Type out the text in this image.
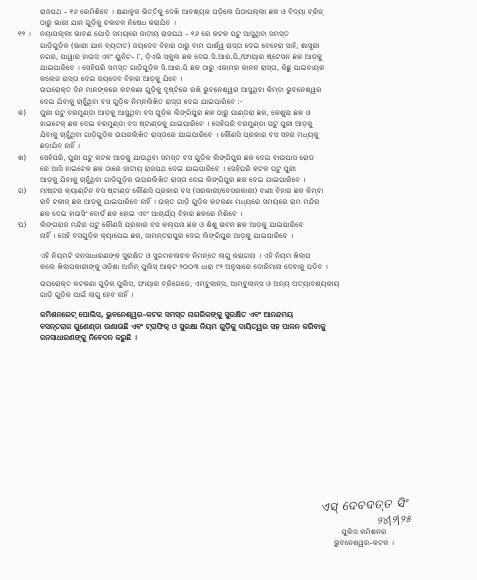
ରାଜପଥ – ୧୬ ରେମିଶିବେ । କ୍ଷଣାଳୁକ ଭିତ୍ତିକୁ ଦେଖି ଆବଶ୍ୟକ ପଡ଼ିଲେ ପିଠାପଲ୍ଲୀ ଛକ ଓ ବିଦ୍ୟା ବ୍ରିଜ୍

ଠାରୁ ଭାରୀ ଯାନ ଗୁଡ଼ିକୁ ଚଳାଚଳ ନିଷେଧ କରାଯିବ ।

୧୨ ।	ନୟାପଲ୍ଲୀ ଭାବଣ ପୋଡ଼ି ସମୟରେ ଜାତୀୟ ରାଜପଥ – ୧୬ ରେ କଟକ ପଟୁ ଆସୁଥିବା ସମସ୍ତ

ଗାଡ଼ିଗୁଡ଼ିକ (ଭାରୀ ଯାନ ବ୍ୟତୀତ) ଜୟଦେବ ବିହାର ଠାରୁ ବାମ ପାର୍ଶ୍ୱ ରାସ୍ତା ଦେଇ ବେହେରା ସାହି, ଶାସ୍ତ୍ରୀ

ନଗର, ପାୱାର ହାଉସ ଏବଂ ୟୁନିଟ– ୮, ଡ଼ିଏଭି ସ୍କୁଲ ଛକ ଦେଇ ସି.ଆର.ପି./ଫାୟାର ଷ୍ଟେସନ ଛକ ଆଡ଼କୁ

ଯାଇପାରିବେ । ସେହିପରି ସମସ୍ତ ଗାଡ଼ିଗୁଡ଼ିକ ସି.ଆର.ପି ଛକ ଠାରୁ ଏକାମ୍ର କାନନ ରାସ୍ତା, କିଛୁ ପାଇବାୟକ

କଲେଜ ରାସ୍ତା ଦେଇ ଜୟଦେବ ବିହାର ଆଡ଼କୁ ଯିବେ ।

ଉପରୋକ୍ତ ଦିନ ମାନଙ୍କରେ କଟକଣା ଗୁଡ଼ିକୁ ଦୃଷ୍ଟିରେ ରଖି ଭୁବନେଶ୍ୱର ଆସୁଥିବା କିମ୍ବା ଭୁବନେଶ୍ୱର

ଦେଇ ଯିବାକୁ ଚାହୁଁଥିବା ବସ ଗୁଡ଼ିକ ନିମ୍ନଲିଖିତ ରାସ୍ତା ଦେଇ ଯାଇପାରିବେ :-

କ)	ପୁରୀ ପଟୁ ବରମୁଣ୍ଡା ଆଡ଼କୁ ଆସୁଥିବା ବସ ଗୁଡ଼ିକ ଲିଙ୍ଗିପୁର ଛକ ଠାରୁ ପାଣ୍ଡରା ଛକ, କେଶୁରା ଛକ ଓ

ହାଇଟେକ୍ ଛକ ଦେଇ ବରମୁଣ୍ଡା ବସ ଷ୍ଟାଣ୍ଡକୁ ଯାଇପାରିବେ । ସେହିପରି ବରମୁଣ୍ଡା ପଟୁ ପୁରୀ ଆଡ଼କୁ

ଯିବାକୁ ଚାହୁଁଥିବା ଗାଡ଼ିଗୁଡ଼ିକ ଉପରଲିଖିତ ରାସ୍ତାରେ ଯାଇପାରିବେ । କୌଣସି ପ୍ରକାର ବସ ସହର ମଧ୍ୟକୁ

ଛଡ଼ାଯିବ ନାହିଁ ।

ଖ)	ସେହିପରି, ପୁରୀ ପଟୁ କଟକ ଆଡ଼କୁ ଯାଉଥିବା ସମସ୍ତ ବସ ଗୁଡ଼ିକ ଲିଙ୍ଗିପୁର ଛକ ଦେଇ ବାଉପାସ ରୋଡ

ରେ ଆସି ହାଇଟେକ ଛକ ଠାରେ ଜାତୀୟ ରାଜପଥ ଦେଇ ଯାଇପାରିବେ । ସେହିପରି କଟକ ପଟୁ ପୁରୀ

ଆଡ଼କୁ ଯିବାକୁ ଚାହୁଁଥିବା ଗାଡ଼ିଗୁଡ଼ିକ ଉପରଲିଖିତ ରାସ୍ତା ଦେଇ ଲିଙ୍ଗିପୁର ଛକ ଦେଇ ଯାଇପାରିବେ ।

ଗ)	ମାଷ୍ଟର କ୍ୟାଣ୍ଟିନ ବସ ଷ୍ଟାଣ୍ଡ କୌଣସି ପ୍ରକାର ବସ (ସରକାରୀ/ବେସରକାରୀ) ବାଣୀ ବିହାର ଛକ କିମ୍ବା

ରବି ଟକୀଜ୍ ଛକ ଆଡ଼କୁ ଯାଇପାରିବେ ନାହିଁ । ଉକ୍ତ ଗାଡ଼ି ଗୁଡ଼ିକ କଟକଣା ମଧ୍ୟରେ ସମୟରେ ରାମ ମନ୍ଦିର

ଛକ ଦେଇ ହାଉସିଂ ବୋର୍ଡ଼ ଛକ ହୋଇ ଏବଂ ଆଚାର୍ଯ୍ୟ ବିହାର ଛକରେ ମିଶିବେ ।

ଘ)	ଲିଙ୍ଗରାଜ ମନ୍ଦିର ପଟୁ କୌଣସି ପ୍ରକାର ବସ କଲ୍ପନା ଛକ ଓ ଶିଶୁ ଭବନ ଛକ ଆଡ଼କୁ ଯାଇପାରିବେ

ନାହିଁ । ସେହି ବସଗୁଡ଼ିକ କ୍ୟାପେଇ ଛକ, ସାମନ୍ତରାପୁର ଦେଇ ଲିଙ୍ଗିପୁର ଆଡ଼କୁ ଯାଇପାରିବେ ।

ଏହି ନିୟମଟି ଜନସାଧାରଣଙ୍କ ସୁରକ୍ଷିତ ଓ ସୁଗମଚଳାଚଳ ନିମନ୍ତେ ଲାଗୁ କରାଗଲା । ଏହି ନିୟମ ଖିଲାପ

କଲେ ଖିଲାପକାରୀଙ୍କୁ ଓଡ଼ିଶା ଅର୍ବାନ୍ ପୁଲିସ୍ ଆକ୍ଟ ୨୦୦୩ ଧାରା ୯୨ ଅନୁସାରେ ଦୋରିମାନା ଦେବାକୁ ପଡ଼ିବ ।

ଉପରୋକ୍ତ କଟକଣା ଗୁଡ଼ିକ ପୁଲିସ, ଫାୟାର ବ୍ରିଗେଡେ, ଏମ୍ବୁଲାନ୍ସ, ଆମ୍ବୁଲାନ୍ସ ଓ ଅନ୍ୟ ଅତ୍ୟାବଶ୍ୟକୀୟ

ଗାଡ଼ି ଗୁଡ଼ିକ ପାଇଁ ଲାଗୁ ହେବ ନାହିଁ ।

କମିଶନରେଟ୍ ପୋଲିସ, ଭୁବନେଶ୍ୱର–କଟକ ସମସ୍ତ ନାଗରିକଙ୍କୁ ସୁରକ୍ଷିତ ଏବଂ ଆନନ୍ଦମୟ

ବସନ୍ତରାଜ ଗୁଣେଣ୍ଡା ଉଣାଉଛି ଏବଂ ଟ୍ରାଫିକ୍ ଓ ସୁରକ୍ଷା ନିୟମ ଗୁଡ଼ିକୁ ଦାୟିତ୍ୱର ସହ ପାଳନ କରିବାକୁ

ଜନସାଧାରଣଙ୍କୁ ନିବେଦନ କରୁଛି ।

ଏସ୍ ଦେବଦତ୍ତ ସିଂ
୨୪|୨|୨୫
ପୁଲିସ କମିଶନର
ଭୁବନେଶ୍ୱର–କଟକ ।
